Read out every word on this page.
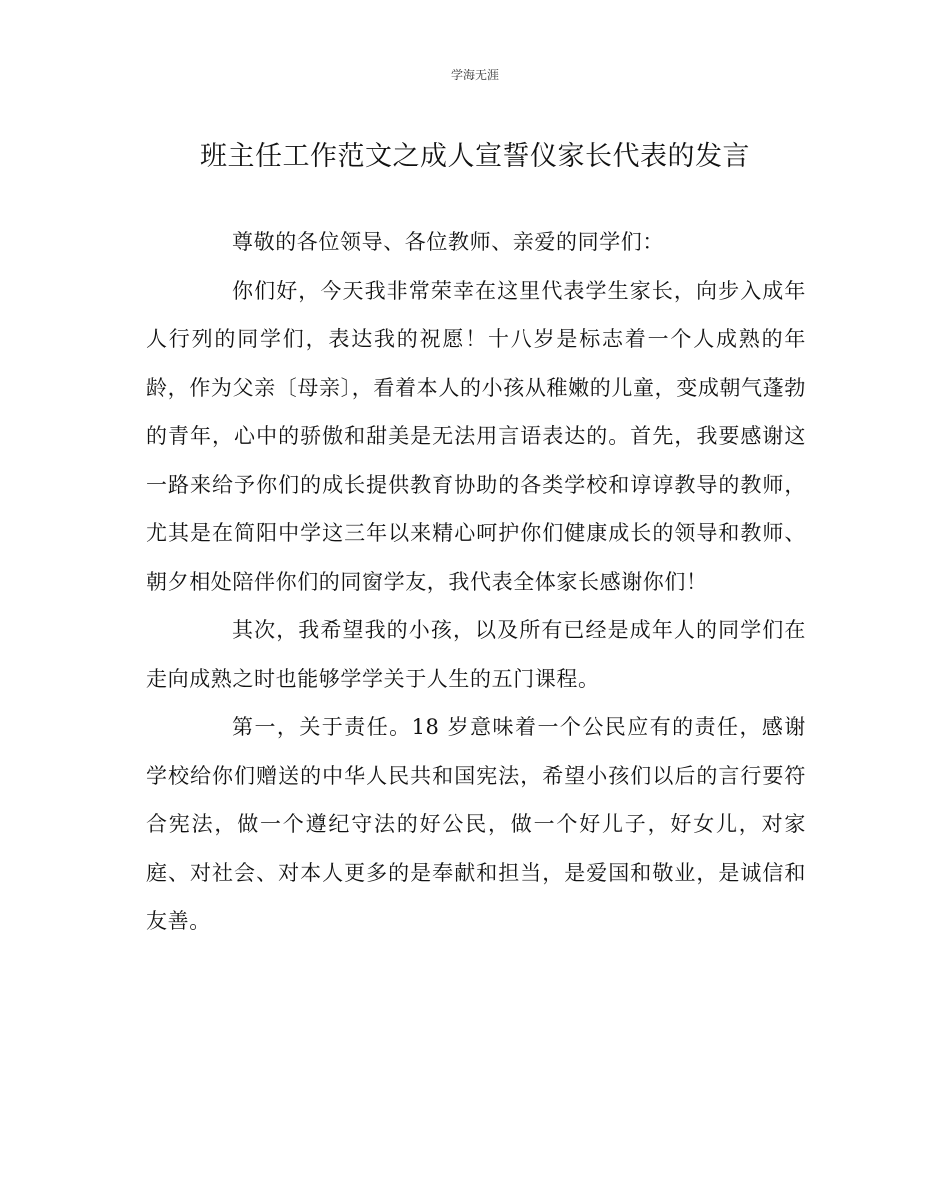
学海无涯
班主任工作范文之成人宣誓仪家长代表的发言

尊敬的各位领导、各位教师、亲爱的同学们：

你们好，今天我非常荣幸在这里代表学生家长，向步入成年人行列的同学们，表达我的祝愿！十八岁是标志着一个人成熟的年龄，作为父亲〔母亲〕，看着本人的小孩从稚嫩的儿童，变成朝气蓬勃的青年，心中的骄傲和甜美是无法用言语表达的。首先，我要感谢这一路来给予你们的成长提供教育协助的各类学校和谆谆教导的教师，尤其是在简阳中学这三年以来精心呵护你们健康成长的领导和教师、朝夕相处陪伴你们的同窗学友，我代表全体家长感谢你们！

其次，我希望我的小孩，以及所有已经是成年人的同学们在走向成熟之时也能够学学关于人生的五门课程。

第一，关于责任。18 岁意味着一个公民应有的责任，感谢学校给你们赠送的中华人民共和国宪法，希望小孩们以后的言行要符合宪法，做一个遵纪守法的好公民，做一个好儿子，好女儿，对家庭、对社会、对本人更多的是奉献和担当，是爱国和敬业，是诚信和友善。
